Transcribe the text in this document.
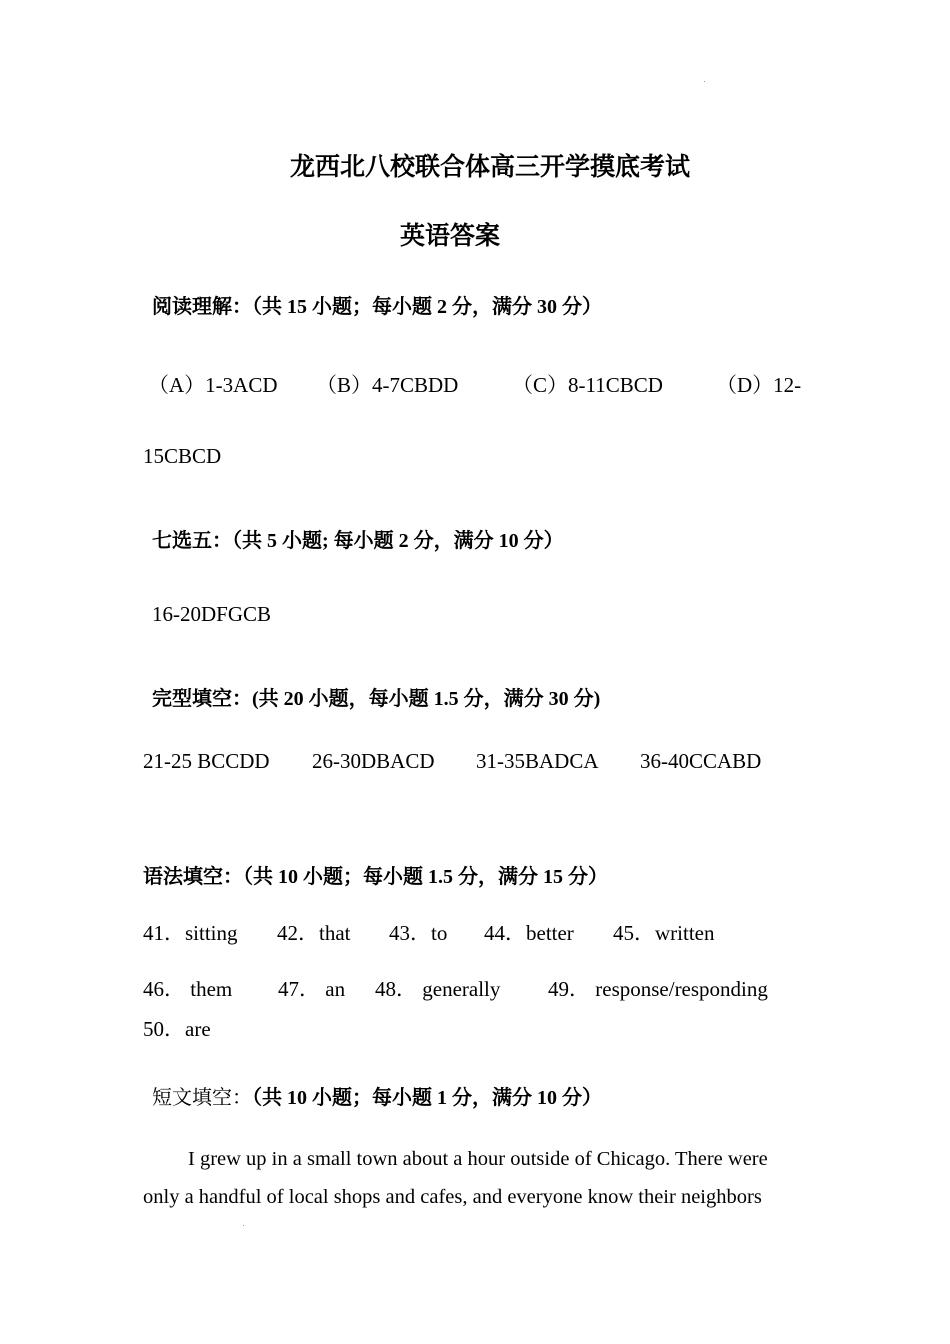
龙西北八校联合体高三开学摸底考试
英语答案
阅读理解：（共 15 小题；每小题 2 分，满分 30 分）
（A）1-3ACD （B）4-7CBDD	（C）8-11CBCD	（D）12-
15CBCD
七选五：（共 5 小题; 每小题 2 分，满分 10 分）
16-20DFGCB
完型填空：(共 20 小题，每小题 1.5 分，满分 30 分)
21-25 BCCDD 26-30DBACD 31-35BADCA 36-40CCABD
语法填空：（共 10 小题；每小题 1.5 分，满分 15 分）
41．sitting 42．that 43．to 44．better 45．written
46． them 47． an 48． generally 49． response/responding
50．are
短文填空：（共 10 小题；每小题 1 分，满分 10 分）
I grew up in a small town about a hour outside of Chicago. There were
only a handful of local shops and cafes, and everyone know their neighbors
